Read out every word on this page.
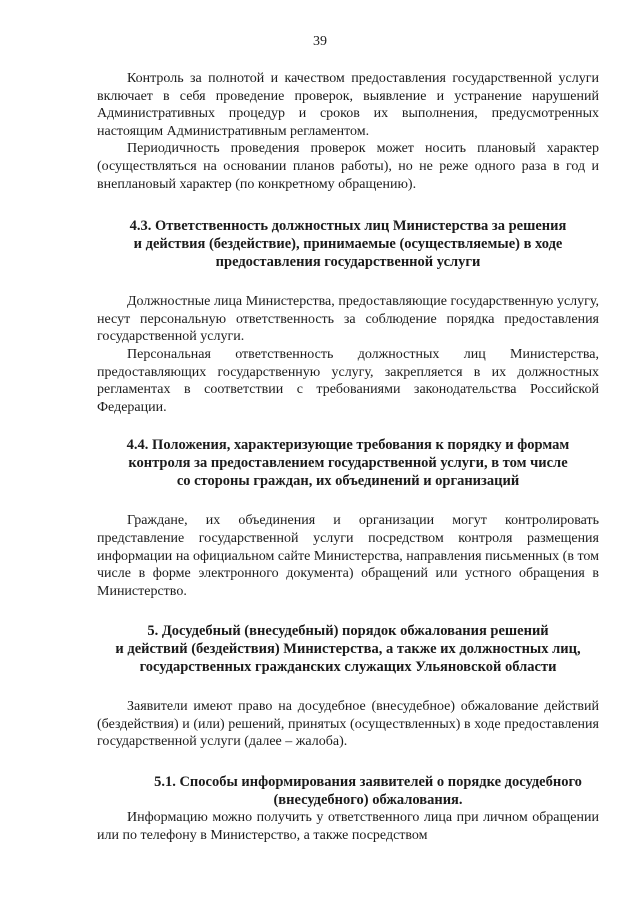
39

Контроль за полнотой и качеством предоставления государственной услуги включает в себя проведение проверок, выявление и устранение нарушений Административных процедур и сроков их выполнения, предусмотренных настоящим Административным регламентом.

Периодичность проведения проверок может носить плановый характер (осуществляться на основании планов работы), но не реже одного раза в год и внеплановый характер (по конкретному обращению).

4.3. Ответственность должностных лиц Министерства за решения
и действия (бездействие), принимаемые (осуществляемые) в ходе
предоставления государственной услуги

Должностные лица Министерства, предоставляющие государственную услугу, несут персональную ответственность за соблюдение порядка предоставления государственной услуги.

Персональная ответственность должностных лиц Министерства, предоставляющих государственную услугу, закрепляется в их должностных регламентах в соответствии с требованиями законодательства Российской Федерации.

4.4. Положения, характеризующие требования к порядку и формам
контроля за предоставлением государственной услуги, в том числе
со стороны граждан, их объединений и организаций

Граждане, их объединения и организации могут контролировать представление государственной услуги посредством контроля размещения информации на официальном сайте Министерства, направления письменных (в том числе в форме электронного документа) обращений или устного обращения в Министерство.

5. Досудебный (внесудебный) порядок обжалования решений
и действий (бездействия) Министерства, а также их должностных лиц,
государственных гражданских служащих Ульяновской области

Заявители имеют право на досудебное (внесудебное) обжалование действий (бездействия) и (или) решений, принятых (осуществленных) в ходе предоставления государственной услуги (далее – жалоба).

5.1. Способы информирования заявителей о порядке досудебного
(внесудебного) обжалования.

Информацию можно получить у ответственного лица при личном обращении или по телефону в Министерство, а также посредством
